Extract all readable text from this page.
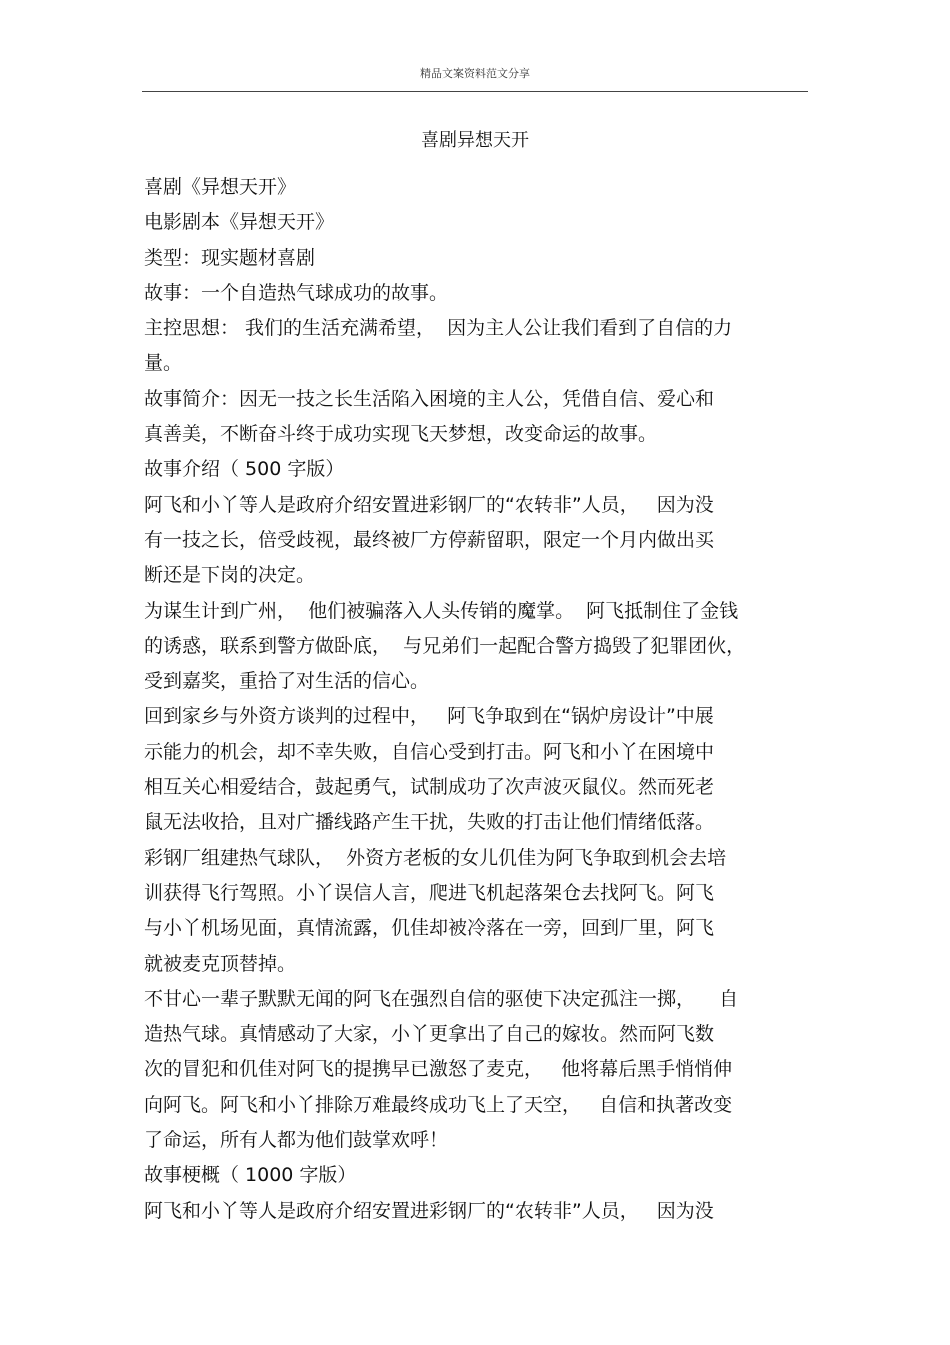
精品文案资料范文分享
喜剧异想天开
喜剧《异想天开》
电影剧本《异想天开》
类型：现实题材喜剧
故事：一个自造热气球成功的故事。
主控思想： 我们的生活充满希望，  因为主人公让我们看到了自信的力
量。
故事简介：因无一技之长生活陷入困境的主人公，凭借自信、爱心和
真善美，不断奋斗终于成功实现飞天梦想，改变命运的故事。
故事介绍（ 500 字版）
阿飞和小丫等人是政府介绍安置进彩钢厂的“农转非”人员，   因为没
有一技之长，倍受歧视，最终被厂方停薪留职，限定一个月内做出买
断还是下岗的决定。
为谋生计到广州，  他们被骗落入人头传销的魔掌。  阿飞抵制住了金钱
的诱惑，联系到警方做卧底，  与兄弟们一起配合警方捣毁了犯罪团伙，
受到嘉奖，重拾了对生活的信心。
回到家乡与外资方谈判的过程中，   阿飞争取到在“锅炉房设计”中展
示能力的机会，却不幸失败，自信心受到打击。阿飞和小丫在困境中
相互关心相爱结合，鼓起勇气，试制成功了次声波灭鼠仪。然而死老
鼠无法收拾，且对广播线路产生干扰，失败的打击让他们情绪低落。
彩钢厂组建热气球队，  外资方老板的女儿仉佳为阿飞争取到机会去培
训获得飞行驾照。小丫误信人言，爬进飞机起落架仓去找阿飞。阿飞
与小丫机场见面，真情流露，仉佳却被冷落在一旁，回到厂里，阿飞
就被麦克顶替掉。
不甘心一辈子默默无闻的阿飞在强烈自信的驱使下决定孤注一掷，    自
造热气球。真情感动了大家，小丫更拿出了自己的嫁妆。然而阿飞数
次的冒犯和仉佳对阿飞的提携早已激怒了麦克，   他将幕后黑手悄悄伸
向阿飞。阿飞和小丫排除万难最终成功飞上了天空，   自信和执著改变
了命运，所有人都为他们鼓掌欢呼！
故事梗概（ 1000 字版）
阿飞和小丫等人是政府介绍安置进彩钢厂的“农转非”人员，   因为没
